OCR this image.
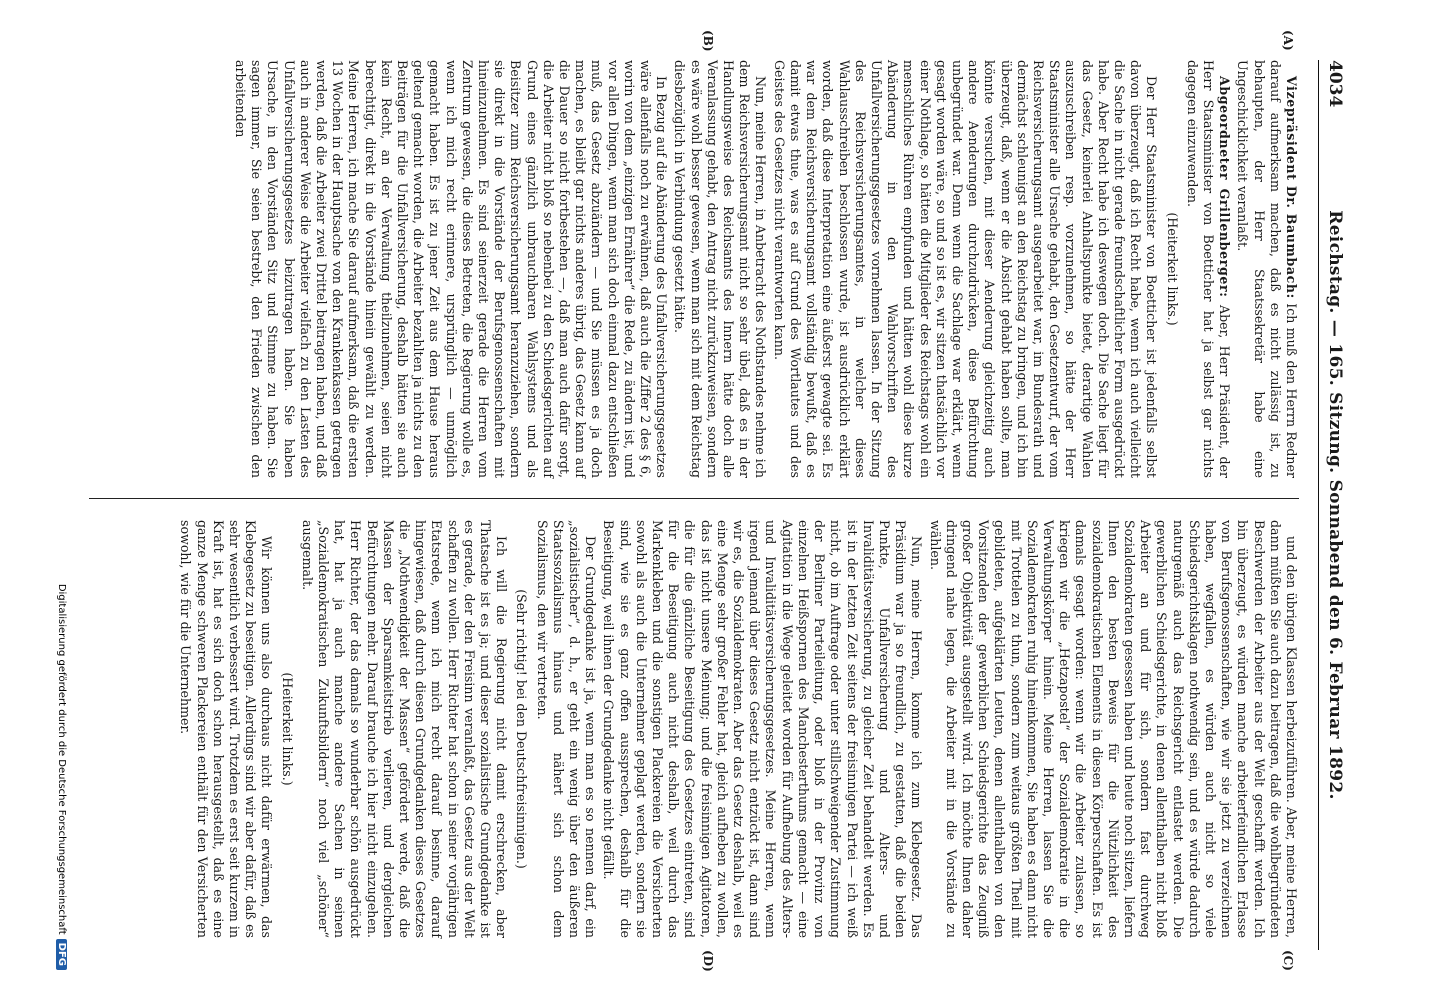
4034
Reichstag. — 165. Sitzung. Sonnabend den 6. Februar 1892.
(A)
(B)
(C)
(D)

Vizepräsident Dr. Baumbach: Ich muß den Herrn Redner darauf aufmerksam machen, daß es nicht zulässig ist, zu behaupten, der Herr Staatssekretär habe eine Ungeschicklichkeit veranlaßt.

Abgeordneter Grillenberger: Aber, Herr Präsident, der Herr Staatsminister von Boetticher hat ja selbst gar nichts dagegen einzuwenden.

(Heiterkeit links.)

Der Herr Staatsminister von Boetticher ist jedenfalls selbst davon überzeugt, daß ich Recht habe, wenn ich auch vielleicht die Sache in nicht gerade freundschaftlicher Form ausgedrückt habe. Aber Recht habe ich deswegen doch. Die Sache liegt für das Gesetz, keinerlei Anhaltspunkte bietet, derartige Wahlen auszuschreiben resp. vorzunehmen, so hätte der Herr Staatsminister alle Ursache gehabt, den Gesetzentwurf, der vom Reichsversicherungsamt ausgearbeitet war, im Bundesrath und dermächst schleunigst an den Reichstag zu bringen, und ich bin überzeugt, daß, wenn er die Absicht gehabt haben sollte, man könnte versuchen, mit dieser Aenderung gleichzeitig auch andere Aenderungen durchzudrücken, diese Befürchtung unbegründet war. Denn wenn die Sachlage war erklärt, wenn gesagt worden wäre, so und so ist es, wir sitzen thatsächlich vor einer Nothlage, so hätten die Mitglieder des Reichstags wohl ein menschliches Rühren empfunden und hätten wohl diese kurze Abänderung in den Wahlvorschriften des Unfallversicherungsgesetzes vornehmen lassen. In der Sitzung des Reichsversicherungsamtes, in welcher dieses Wahlausschreiben beschlossen wurde, ist ausdrücklich erklärt worden, daß diese Interpretation eine äußerst gewagte sei. Es war dem Reichsversicherungsamt vollständig bewußt, daß es damit etwas thue, was es auf Grund des Wortlautes und des Geistes des Gesetzes nicht verantworten kann.

Nun, meine Herren, in Anbetracht des Nothstandes nehme ich dem Reichsversicherungsamt nicht so sehr übel, daß es in der Handlungsweise des Reichsamts des Innern hätte doch alle Veranlassung gehabt, den Antrag nicht zurückzuweisen, sondern es wäre wohl besser gewesen, wenn man sich mit dem Reichstag diesbezüglich in Verbindung gesetzt hätte.

In Bezug auf die Abänderung des Unfallversicherungsgesetzes wäre allenfalls noch zu erwähnen, daß auch die Ziffer 2 des § 6, worin von dem „einzigen Ernährer“ die Rede, zu ändern ist, und vor allen Dingen, wenn man sich doch einmal dazu entschließen muß, das Gesetz abzuändern — und Sie müssen es ja doch machen, es bleibt gar nichts anderes übrig, das Gesetz kann auf die Dauer so nicht fortbestehen —, daß man auch dafür sorgt, die Arbeiter nicht bloß so nebenbei zu den Schiedsgerichten auf Grund eines gänzlich unbrauchbaren Wahlsystems und als Beisitzer zum Reichsversicherungsamt heranzuziehen, sondern sie direkt in die Vorstände der Berufsgenossenschaften mit hineinzunehmen. Es sind seinerzeit gerade die Herren vom Zentrum gewesen, die dieses Betreten, die Regierung wolle es, wenn ich mich recht erinnere, ursprünglich — unmöglich gemacht haben. Es ist zu jener Zeit aus dem Hause heraus geltend gemacht worden, die Arbeiter bezahlten ja nichts zu den Beiträgen für die Unfallversicherung, deshalb hätten sie auch kein Recht, an der Verwaltung theilzunehmen, seien nicht berechtigt, direkt in die Vorstände hinein gewählt zu werden. Meine Herren, ich mache Sie darauf aufmerksam, daß die ersten 13 Wochen in der Hauptsache von den Krankenkassen getragen werden, daß die Arbeiter zwei Drittel beitragen haben, und daß auch in anderer Weise die Arbeiter vielfach zu den Lasten des Unfallversicherungsgesetzes beizutragen haben. Sie haben Ursache, in den Vorständen Sitz und Stimme zu haben. Sie sagen immer, Sie seien bestrebt, den Frieden zwischen den arbeitenden

und den übrigen Klassen herbeizuführen. Aber, meine Herren, dann müßten Sie auch dazu beitragen, daß die wohlbegründeten Beschwerden der Arbeiter aus der Welt geschafft werden. Ich bin überzeugt, es würden manche arbeiterfeindlichen Erlasse von Berufsgenossenschaften, wie wir sie jetzt zu verzeichnen haben, wegfallen, es würden auch nicht so viele Schiedsgerichtsklagen nothwendig sein, und es würde dadurch naturgemäß auch das Reichsgericht entlastet werden. Die gewerblichen Schiedsgerichte, in denen allenthalben nicht bloß Arbeiter an und für sich, sondern fast durchweg Sozialdemokraten gesessen haben und heute noch sitzen, liefern Ihnen den besten Beweis für die Nützlichkeit des sozialdemokratischen Elements in diesen Körperschaften. Es ist damals gesagt worden: wenn wir die Arbeiter zulassen, so kriegen wir die „Hetzapostel“ der Sozialdemokratie in die Verwaltungskörper hinein. Meine Herren, lassen Sie die Sozialdemokraten ruhig hineinkommen, Sie haben es dann nicht mit Trottelen zu thun, sondern zum weitaus größten Theil mit gebildeten, aufgeklärten Leuten, denen allenthalben von den Vorsitzenden der gewerblichen Schiedsgerichte das Zeugniß großer Objektivität ausgestellt wird. Ich möchte Ihnen daher dringend nahe legen, die Arbeiter mit in die Vorstände zu wählen.

Nun, meine Herren, komme ich zum Klebegesetz. Das Präsidium war ja so freundlich, zu gestatten, daß die beiden Punkte, Unfallversicherung und Alters- und Invaliditätsversicherung, zu gleicher Zeit behandelt werden. Es ist in der letzten Zeit seitens der freisinnigen Partei — ich weiß nicht, ob im Auftrage oder unter stillschweigender Zustimmung der Berliner Parteileitung, oder bloß in der Provinz von einzelnen Heißspornen des Manchesterthums gemacht — eine Agitation in die Wege geleitet worden für Aufhebung des Alters- und Invaliditätsversicherungsgesetzes. Meine Herren, wenn irgend jemand über dieses Gesetz nicht entzückt ist, dann sind wir es, die Sozialdemokraten. Aber das Gesetz deshalb, weil es eine Menge sehr großer Fehler hat, gleich aufheben zu wollen, das ist nicht unsere Meinung; und die freisinnigen Agitatoren, die für die gänzliche Beseitigung des Gesetzes eintreten, sind für die Beseitigung auch nicht deshalb, weil durch das Markenkleben und die sonstigen Plackereien die Versicherten sowohl als auch die Unternehmer geplagt werden, sondern sie sind, wie sie es ganz offen aussprechen, deshalb für die Beseitigung, weil ihnen der Grundgedanke nicht gefällt.

Der Grundgedanke ist ja, wenn man es so nennen darf, ein „sozialistischer“, d. h., er geht ein wenig über den äußeren Staatssozialismus hinaus und nähert sich schon dem Sozialismus, den wir vertreten.

(Sehr richtig! bei den Deutschfreisinnigen.)

Ich will die Regierung nicht damit erschrecken, aber Thatsache ist es ja; und dieser sozialistische Grundgedanke ist es gerade, der den Freisinn veranlaßt, das Gesetz aus der Welt schaffen zu wollen. Herr Richter hat schon in seiner vorjährigen Etatsrede, wenn ich mich recht darauf besinne, darauf hingewiesen, daß durch diesen Grundgedanken dieses Gesetzes die „Nothwendigkeit der Massen“ gefördert werde, daß die Massen der Sparsamkeitstrieb verlieren, und dergleichen Befürchtungen mehr. Darauf brauche ich hier nicht einzugehen. Herr Richter, der das damals so wunderbar schön ausgedrückt hat, hat ja auch manche andere Sachen in seinen „Sozialdemokratischen Zukunftsbildern“ noch viel „schöner“ ausgemalt.

(Heiterkeit links.)

Wir können uns also durchaus nicht dafür erwärmen, das Klebegesetz zu beseitigen. Allerdings sind wir aber dafür, daß es sehr wesentlich verbessert wird. Trotzdem es erst seit kurzem in Kraft ist, hat es sich doch schon herausgestellt, daß es eine ganze Menge schweren Plackereien enthält für den Versicherten sowohl, wie für die Unternehmer.

Digitalisierung gefördert durch die Deutsche ForschungsgemeinschaftDFG
